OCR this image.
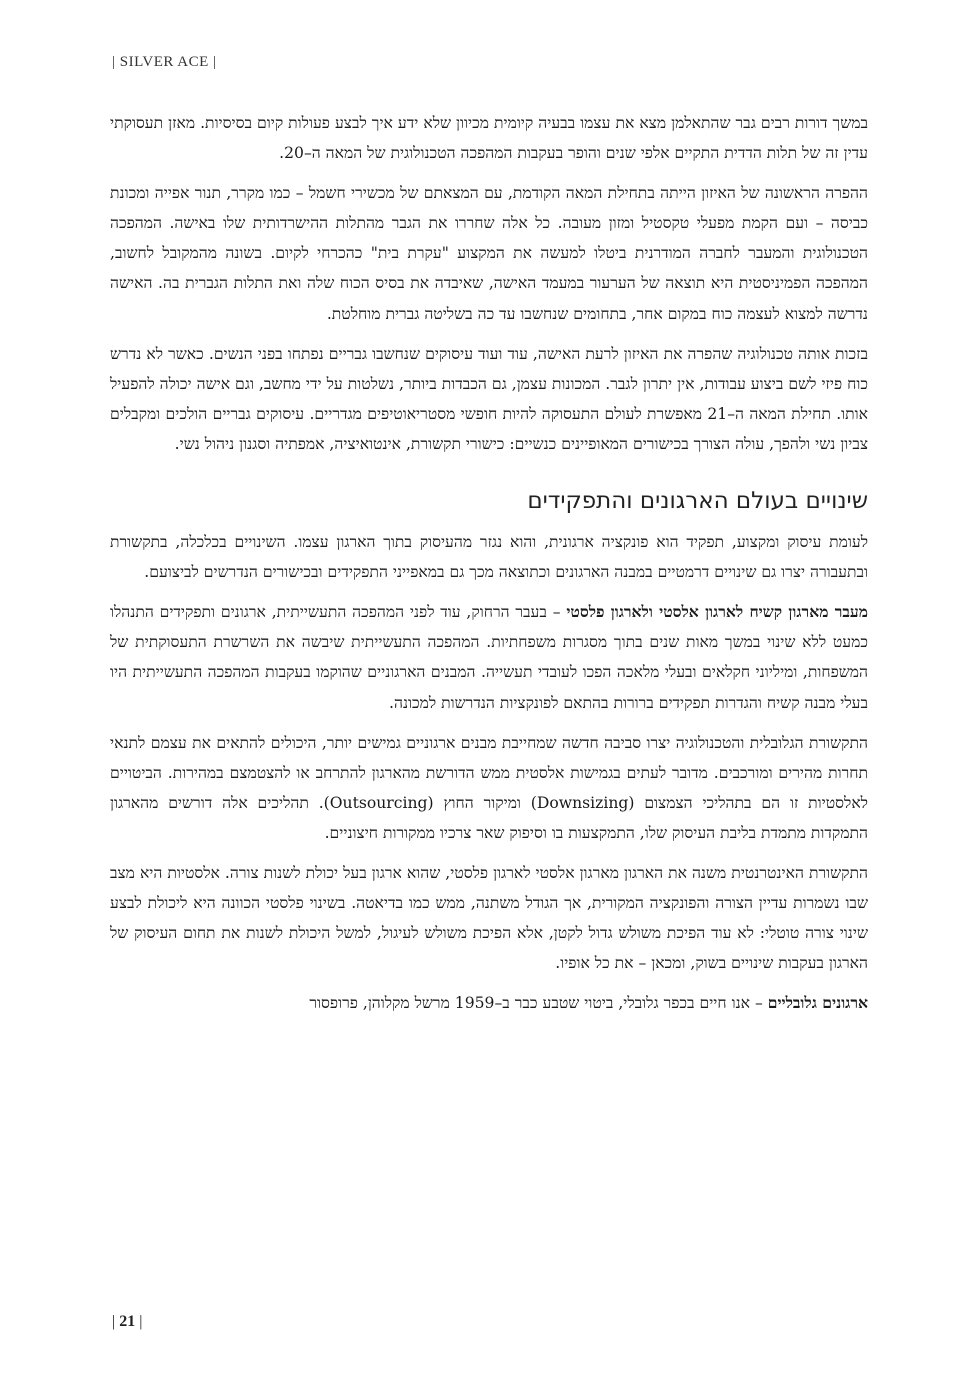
| SILVER ACE |

במשך דורות רבים גבר שהתאלמן מצא את עצמו בבעיה קיומית מכיוון שלא ידע איך לבצע פעולות קיום בסיסיות. מאזן תעסוקתי עדין זה של תלות הדדית התקיים אלפי שנים והופר בעקבות המהפכה הטכנולוגית של המאה ה–20.

ההפרה הראשונה של האיזון הייתה בתחילת המאה הקודמת, עם המצאתם של מכשירי חשמל – כמו מקרר, תנור אפייה ומכונת כביסה – ועם הקמת מפעלי טקסטיל ומזון מעובה. כל אלה שחררו את הגבר מהתלות ההישרדותית שלו באישה. המהפכה הטכנולוגית והמעבר לחברה המודרנית ביטלו למעשה את המקצוע "עקרת בית" כהכרחי לקיום. בשונה מהמקובל לחשוב, המהפכה הפמיניסטית היא תוצאה של הערעור במעמד האישה, שאיבדה את בסיס הכוח שלה ואת התלות הגברית בה. האישה נדרשה למצוא לעצמה כוח במקום אחר, בתחומים שנחשבו עד כה בשליטה גברית מוחלטת.

בזכות אותה טכנולוגיה שהפרה את האיזון לרעת האישה, עוד ועוד עיסוקים שנחשבו גבריים נפתחו בפני הנשים. כאשר לא נדרש כוח פיזי לשם ביצוע עבודות, אין יתרון לגבר. המכונות עצמן, גם הכבדות ביותר, נשלטות על ידי מחשב, וגם אישה יכולה להפעיל אותו. תחילת המאה ה–21 מאפשרת לעולם התעסוקה להיות חופשי מסטריאוטיפים מגדריים. עיסוקים גבריים הולכים ומקבלים צביון נשי ולהפך, עולה הצורך בכישורים המאופיינים כנשיים: כישורי תקשורת, אינטואיציה, אמפתיה וסגנון ניהול נשי.

שינויים בעולם הארגונים והתפקידים

לעומת עיסוק ומקצוע, תפקיד הוא פונקציה ארגונית, והוא נגזר מהעיסוק בתוך הארגון עצמו. השינויים בכלכלה, בתקשורת ובתעבורה יצרו גם שינויים דרמטיים במבנה הארגונים וכתוצאה מכך גם במאפייני התפקידים ובכישורים הנדרשים לביצועם.

מעבר מארגון קשיח לארגון אלסטי ולארגון פלסטי – בעבר הרחוק, עוד לפני המהפכה התעשייתית, ארגונים ותפקידים התנהלו כמעט ללא שינוי במשך מאות שנים בתוך מסגרות משפחתיות. המהפכה התעשייתית שיבשה את השרשרת התעסוקתית של המשפחות, ומיליוני חקלאים ובעלי מלאכה הפכו לעובדי תעשייה. המבנים הארגוניים שהוקמו בעקבות המהפכה התעשייתית היו בעלי מבנה קשיח והגדרות תפקידים ברורות בהתאם לפונקציות הנדרשות למכונה.

התקשורת הגלובלית והטכנולוגיה יצרו סביבה חדשה שמחייבת מבנים ארגוניים גמישים יותר, היכולים להתאים את עצמם לתנאי תחרות מהירים ומורכבים. מדובר לעתים בגמישות אלסטית ממש הדורשת מהארגון להתרחב או להצטמצם במהירות. הביטויים לאלסטיות זו הם בתהליכי הצמצום (Downsizing) ומיקור החוץ (Outsourcing). תהליכים אלה דורשים מהארגון התמקדות מתמדת בליבת העיסוק שלו, התמקצעות בו וסיפוק שאר צרכיו ממקורות חיצוניים.

התקשורת האינטרנטית משנה את הארגון מארגון אלסטי לארגון פלסטי, שהוא ארגון בעל יכולת לשנות צורה. אלסטיות היא מצב שבו נשמרות עדיין הצורה והפונקציה המקורית, אך הגודל משתנה, ממש כמו בדיאטה. בשינוי פלסטי הכוונה היא ליכולת לבצע שינוי צורה טוטלי: לא עוד הפיכת משולש גדול לקטן, אלא הפיכת משולש לעיגול, למשל היכולת לשנות את תחום העיסוק של הארגון בעקבות שינויים בשוק, ומכאן – את כל אופיו.

ארגונים גלובליים – אנו חיים בכפר גלובלי, ביטוי שטבע כבר ב–1959 מרשל מקלוהן, פרופסור

| 21 |
